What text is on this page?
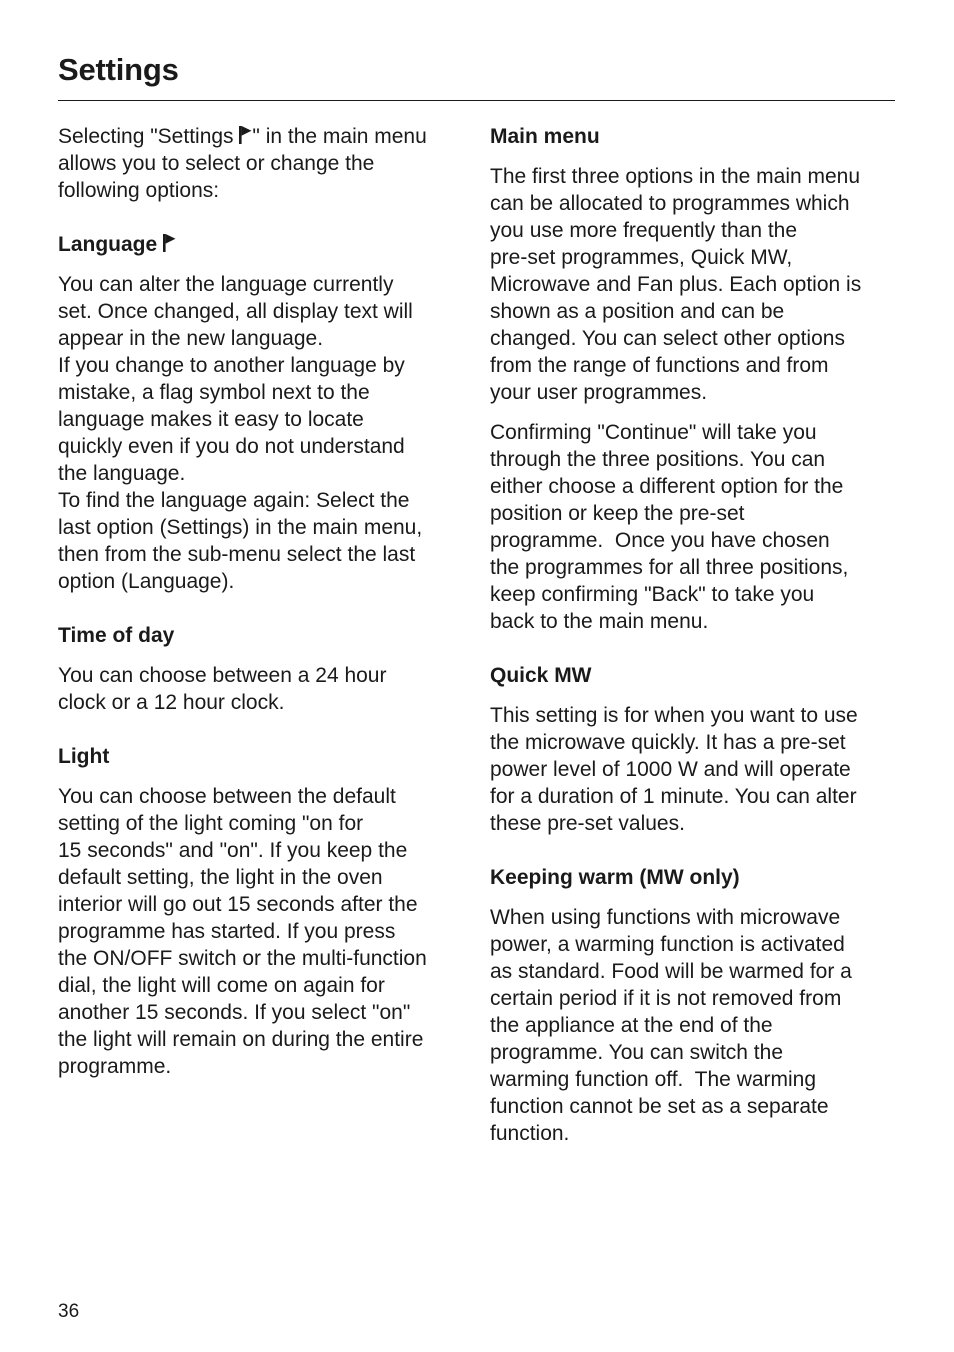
Settings

Selecting "Settings " in the main menu
allows you to select or change the
following options:

Language

You can alter the language currently
set. Once changed, all display text will
appear in the new language.
If you change to another language by
mistake, a flag symbol next to the
language makes it easy to locate
quickly even if you do not understand
the language.
To find the language again: Select the
last option (Settings) in the main menu,
then from the sub-menu select the last
option (Language).

Time of day

You can choose between a 24 hour
clock or a 12 hour clock.

Light

You can choose between the default
setting of the light coming "on for
15 seconds" and "on". If you keep the
default setting, the light in the oven
interior will go out 15 seconds after the
programme has started. If you press
the ON/OFF switch or the multi-function
dial, the light will come on again for
another 15 seconds. If you select "on"
the light will remain on during the entire
programme.

Main menu

The first three options in the main menu
can be allocated to programmes which
you use more frequently than the
pre-set programmes, Quick MW,
Microwave and Fan plus. Each option is
shown as a position and can be
changed. You can select other options
from the range of functions and from
your user programmes.

Confirming "Continue" will take you
through the three positions. You can
either choose a different option for the
position or keep the pre-set
programme.  Once you have chosen
the programmes for all three positions,
keep confirming "Back" to take you
back to the main menu.

Quick MW

This setting is for when you want to use
the microwave quickly. It has a pre-set
power level of 1000 W and will operate
for a duration of 1 minute. You can alter
these pre-set values.

Keeping warm (MW only)

When using functions with microwave
power, a warming function is activated
as standard. Food will be warmed for a
certain period if it is not removed from
the appliance at the end of the
programme. You can switch the
warming function off.  The warming
function cannot be set as a separate
function.

36
